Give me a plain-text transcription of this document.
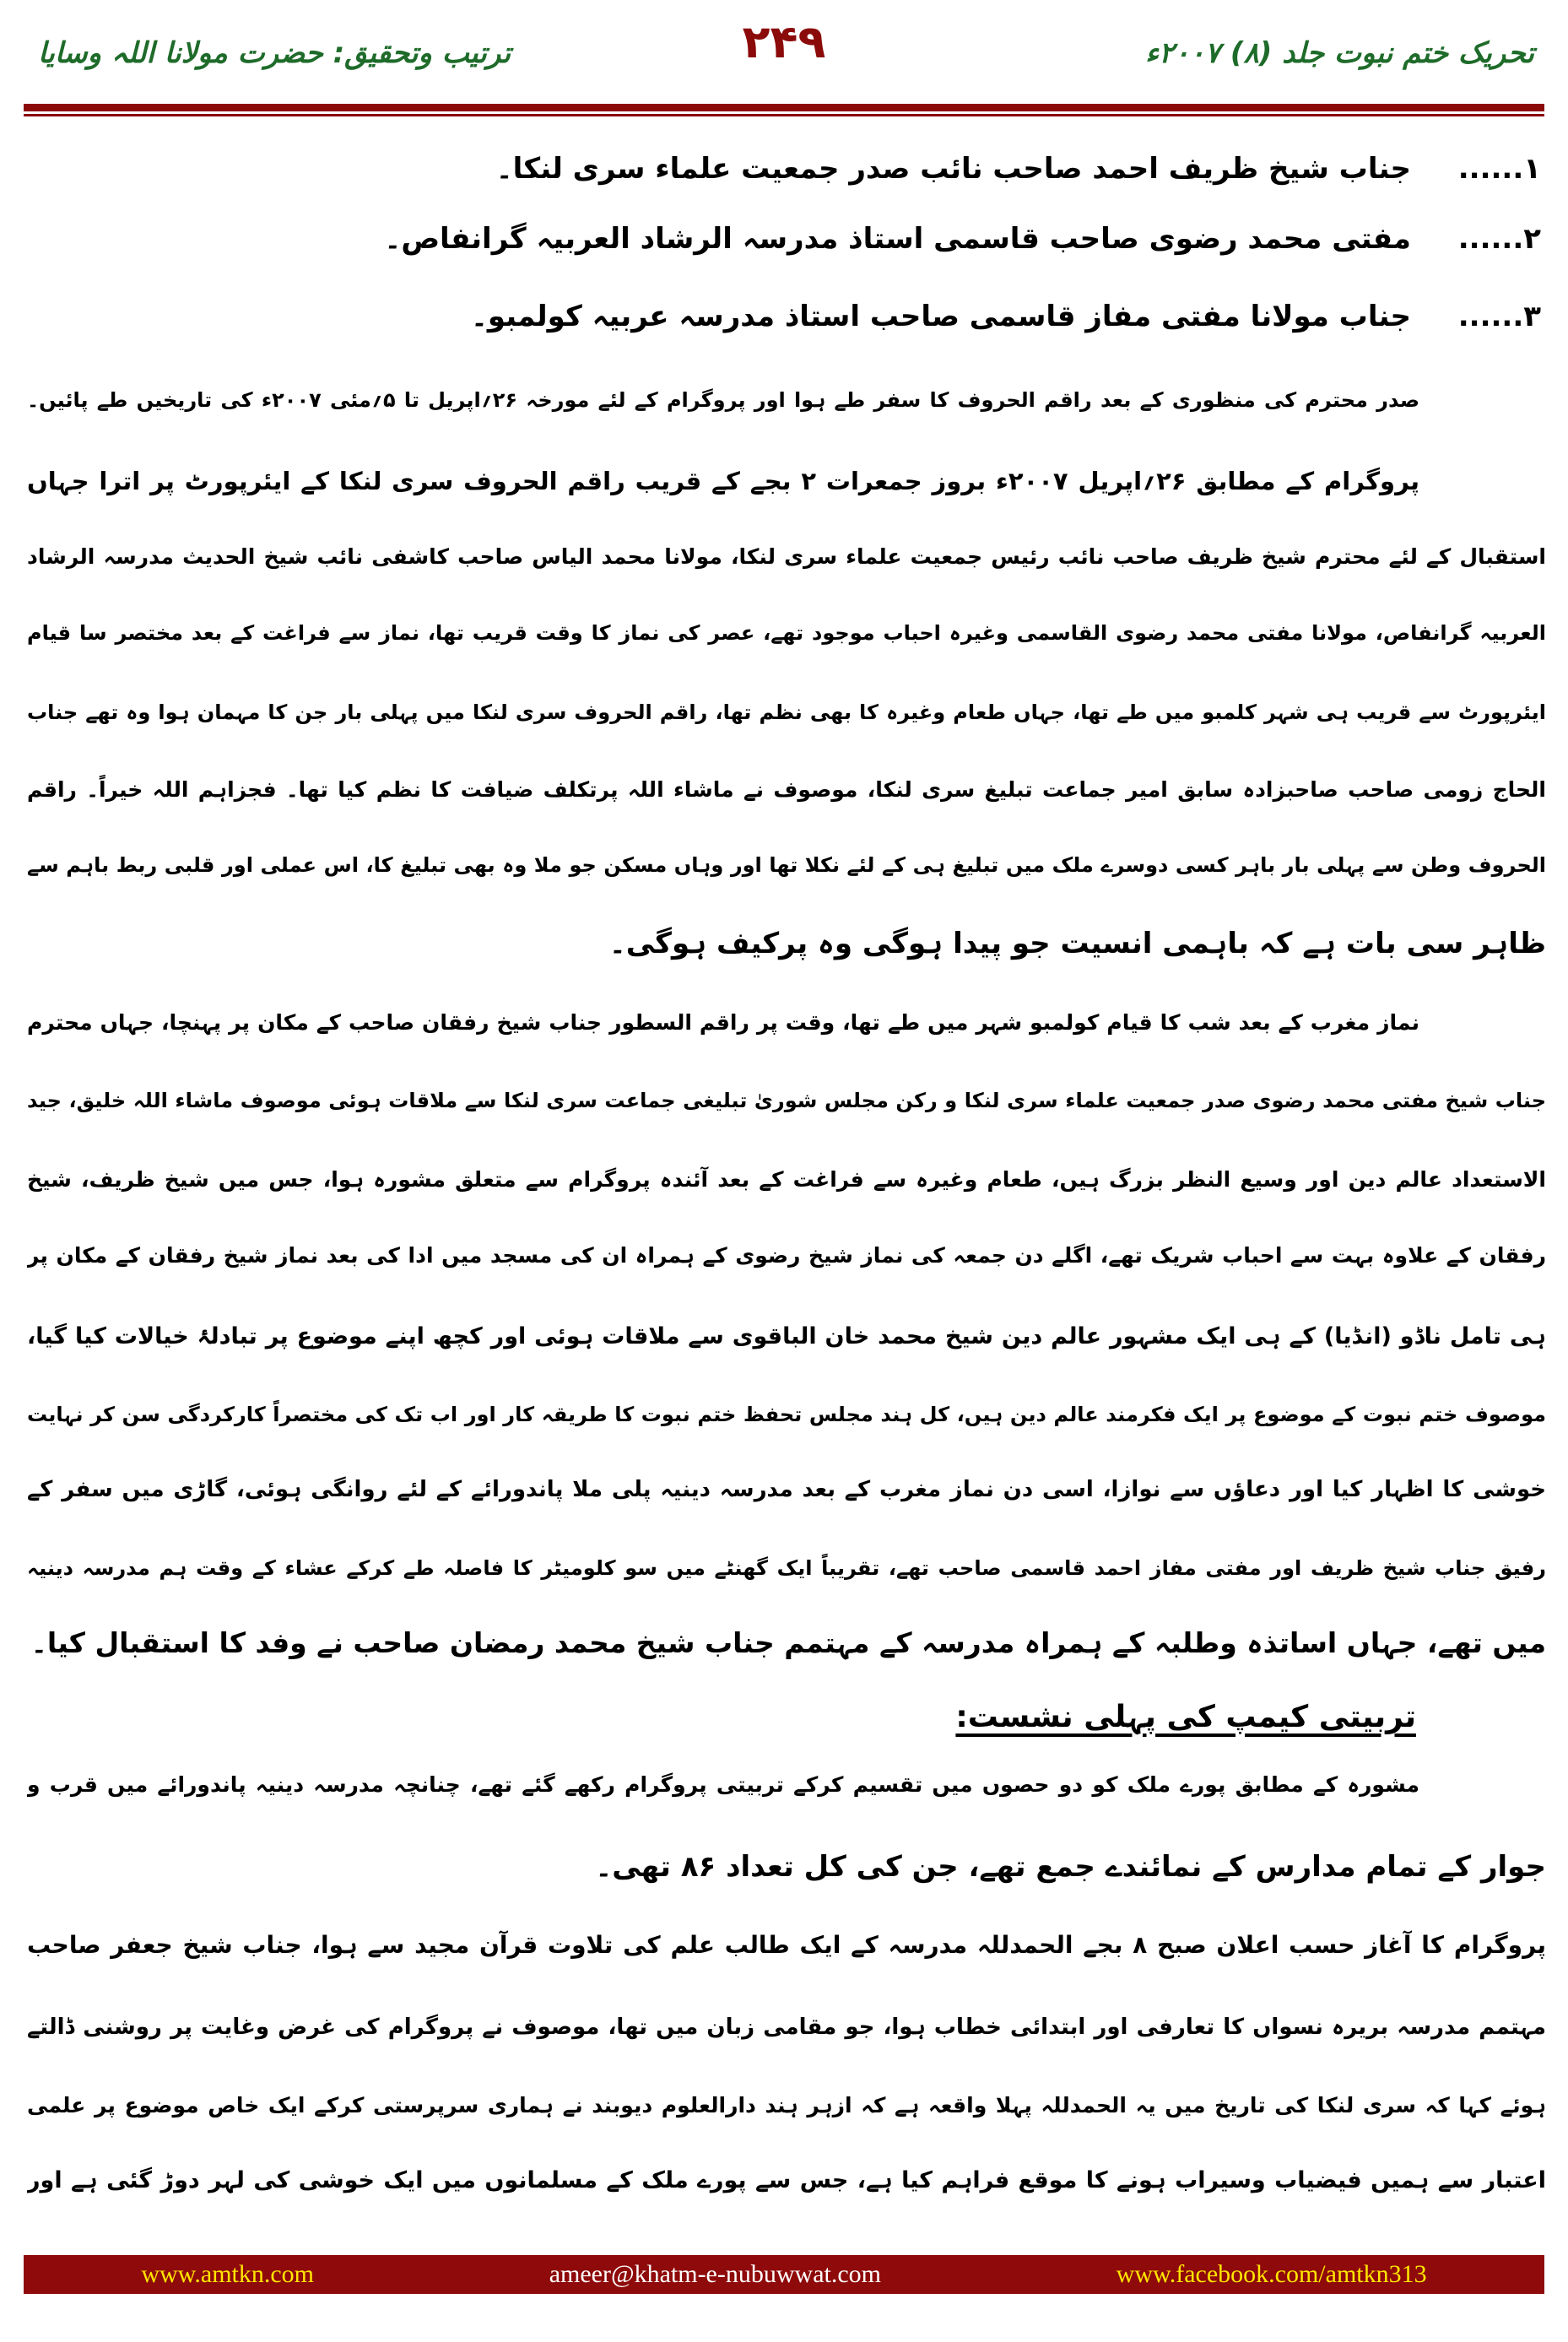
تحریک ختم نبوت جلد (۸) ۲۰۰۷ء
۲۴۹
ترتیب وتحقیق: حضرت مولانا اللہ وسایا
۱......
جناب شیخ ظریف احمد صاحب نائب صدر جمعیت علماء سری لنکا۔
۲......
مفتی محمد رضوی صاحب قاسمی استاذ مدرسہ الرشاد العربیہ گرانفاص۔
۳......
جناب مولانا مفتی مفاز قاسمی صاحب استاذ مدرسہ عربیہ کولمبو۔
صدر محترم کی منظوری کے بعد راقم الحروف کا سفر طے ہوا اور پروگرام کے لئے مورخہ ۲۶؍اپریل تا ۵؍مئی ۲۰۰۷ء کی تاریخیں طے پائیں۔
پروگرام کے مطابق ۲۶؍اپریل ۲۰۰۷ء بروز جمعرات ۲ بجے کے قریب راقم الحروف سری لنکا کے ایئرپورٹ پر اترا جہاں
استقبال کے لئے محترم شیخ ظریف صاحب نائب رئیس جمعیت علماء سری لنکا، مولانا محمد الیاس صاحب کاشفی نائب شیخ الحدیث مدرسہ الرشاد
العربیہ گرانفاص، مولانا مفتی محمد رضوی القاسمی وغیرہ احباب موجود تھے، عصر کی نماز کا وقت قریب تھا، نماز سے فراغت کے بعد مختصر سا قیام
ایئرپورٹ سے قریب ہی شہر کلمبو میں طے تھا، جہاں طعام وغیرہ کا بھی نظم تھا، راقم الحروف سری لنکا میں پہلی بار جن کا مہمان ہوا وہ تھے جناب
الحاج زومی صاحب صاحبزادہ سابق امیر جماعت تبلیغ سری لنکا، موصوف نے ماشاء اللہ پرتکلف ضیافت کا نظم کیا تھا۔ فجزاہم اللہ خیراً۔ راقم
الحروف وطن سے پہلی بار باہر کسی دوسرے ملک میں تبلیغ ہی کے لئے نکلا تھا اور وہاں مسکن جو ملا وہ بھی تبلیغ کا، اس عملی اور قلبی ربط باہم سے
ظاہر سی بات ہے کہ باہمی انسیت جو پیدا ہوگی وہ پرکیف ہوگی۔
نماز مغرب کے بعد شب کا قیام کولمبو شہر میں طے تھا، وقت پر راقم السطور جناب شیخ رفقان صاحب کے مکان پر پہنچا، جہاں محترم
جناب شیخ مفتی محمد رضوی صدر جمعیت علماء سری لنکا و رکن مجلس شوریٰ تبلیغی جماعت سری لنکا سے ملاقات ہوئی موصوف ماشاء اللہ خلیق، جید
الاستعداد عالم دین اور وسیع النظر بزرگ ہیں، طعام وغیرہ سے فراغت کے بعد آئندہ پروگرام سے متعلق مشورہ ہوا، جس میں شیخ ظریف، شیخ
رفقان کے علاوہ بہت سے احباب شریک تھے، اگلے دن جمعہ کی نماز شیخ رضوی کے ہمراہ ان کی مسجد میں ادا کی بعد نماز شیخ رفقان کے مکان پر
ہی تامل ناڈو (انڈیا) کے ہی ایک مشہور عالم دین شیخ محمد خان الباقوی سے ملاقات ہوئی اور کچھ اپنے موضوع پر تبادلۂ خیالات کیا گیا،
موصوف ختم نبوت کے موضوع پر ایک فکرمند عالم دین ہیں، کل ہند مجلس تحفظ ختم نبوت کا طریقہ کار اور اب تک کی مختصراً کارکردگی سن کر نہایت
خوشی کا اظہار کیا اور دعاؤں سے نوازا، اسی دن نماز مغرب کے بعد مدرسہ دینیہ پلی ملا پاندورائے کے لئے روانگی ہوئی، گاڑی میں سفر کے
رفیق جناب شیخ ظریف اور مفتی مفاز احمد قاسمی صاحب تھے، تقریباً ایک گھنٹے میں سو کلومیٹر کا فاصلہ طے کرکے عشاء کے وقت ہم مدرسہ دینیہ
میں تھے، جہاں اساتذہ وطلبہ کے ہمراہ مدرسہ کے مہتمم جناب شیخ محمد رمضان صاحب نے وفد کا استقبال کیا۔
تربیتی کیمپ کی پہلی نشست:
مشورہ کے مطابق پورے ملک کو دو حصوں میں تقسیم کرکے تربیتی پروگرام رکھے گئے تھے، چنانچہ مدرسہ دینیہ پاندورائے میں قرب و
جوار کے تمام مدارس کے نمائندے جمع تھے، جن کی کل تعداد ۸۶ تھی۔
پروگرام کا آغاز حسب اعلان صبح ۸ بجے الحمدللہ مدرسہ کے ایک طالب علم کی تلاوت قرآن مجید سے ہوا، جناب شیخ جعفر صاحب
مہتمم مدرسہ بریرہ نسواں کا تعارفی اور ابتدائی خطاب ہوا، جو مقامی زبان میں تھا، موصوف نے پروگرام کی غرض وغایت پر روشنی ڈالتے
ہوئے کہا کہ سری لنکا کی تاریخ میں یہ الحمدللہ پہلا واقعہ ہے کہ ازہر ہند دارالعلوم دیوبند نے ہماری سرپرستی کرکے ایک خاص موضوع پر علمی
اعتبار سے ہمیں فیضیاب وسیراب ہونے کا موقع فراہم کیا ہے، جس سے پورے ملک کے مسلمانوں میں ایک خوشی کی لہر دوڑ گئی ہے اور
www.amtkn.com	ameer@khatm-e-nubuwwat.com	www.facebook.com/amtkn313
